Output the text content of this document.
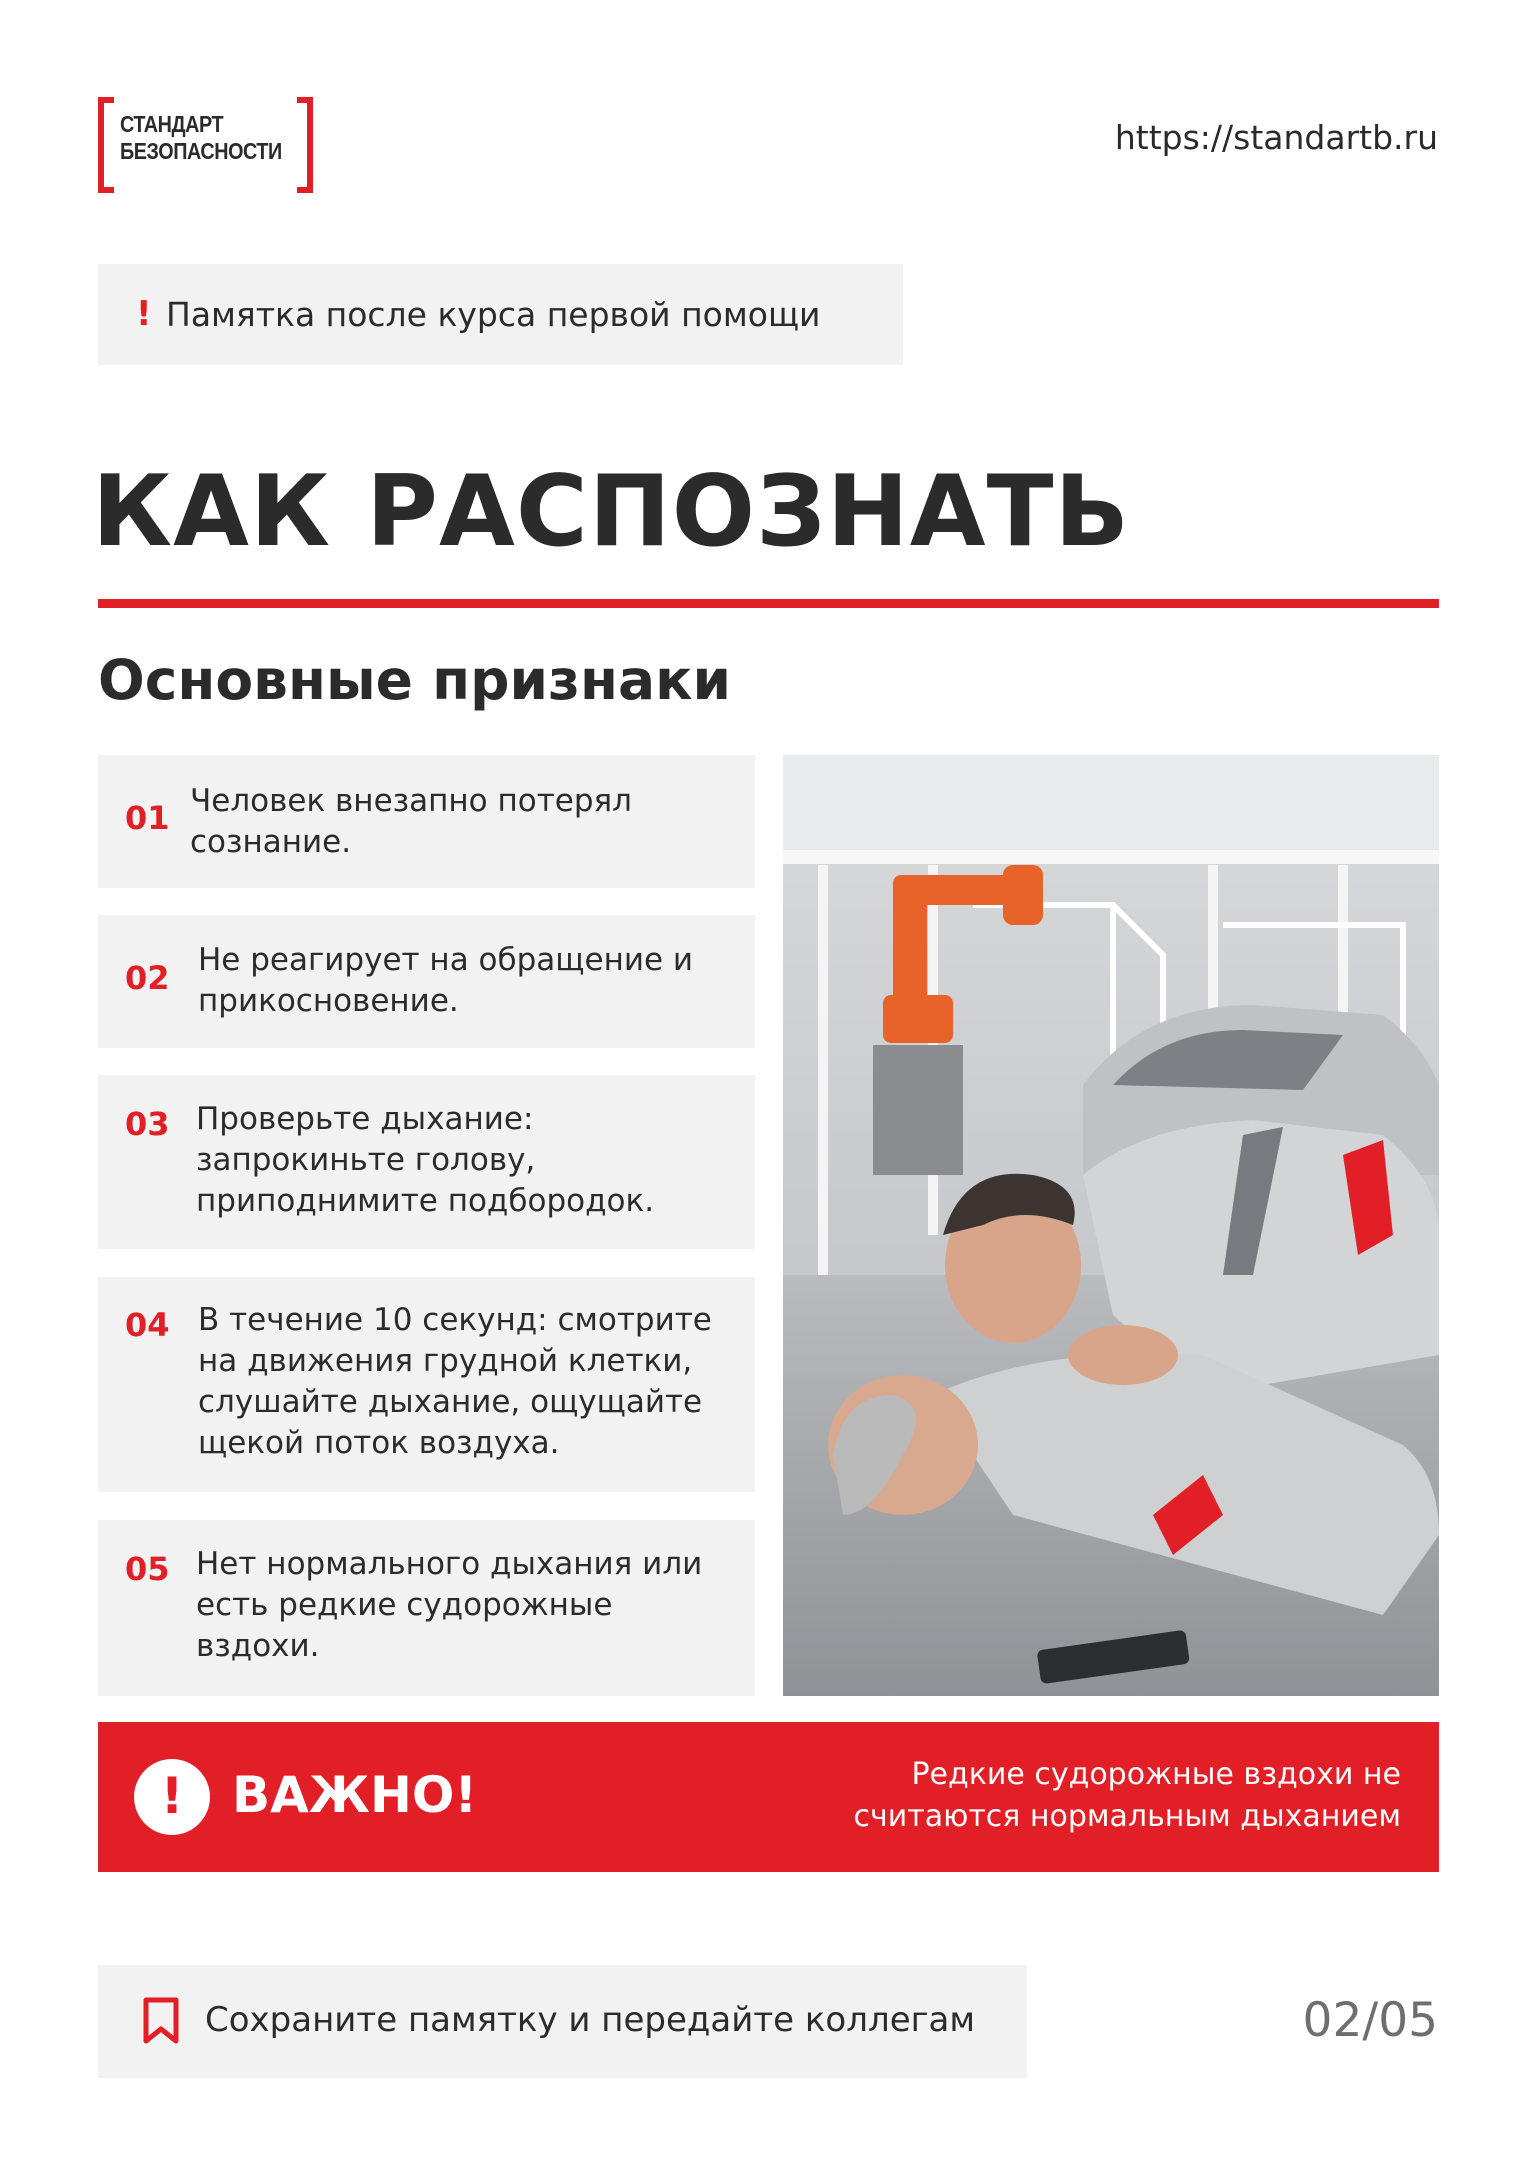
СТАНДАРТ
БЕЗОПАСНОСТИ	https://standartb.ru
! Памятка после курса первой помощи
КАК РАСПОЗНАТЬ
Основные признаки
01 Человек внезапно потерял
сознание.
02 Не реагирует на обращение и
прикосновение.
03 Проверьте дыхание:
запрокиньте голову,
приподнимите подбородок.
04 В течение 10 секунд: смотрите
на движения грудной клетки,
слушайте дыхание, ощущайте
щекой поток воздуха.
05 Нет нормального дыхания или
есть редкие судорожные
вздохи.
! ВАЖНО!	Редкие судорожные вздохи не
считаются нормальным дыханием
Сохраните памятку и передайте коллегам	02/05
